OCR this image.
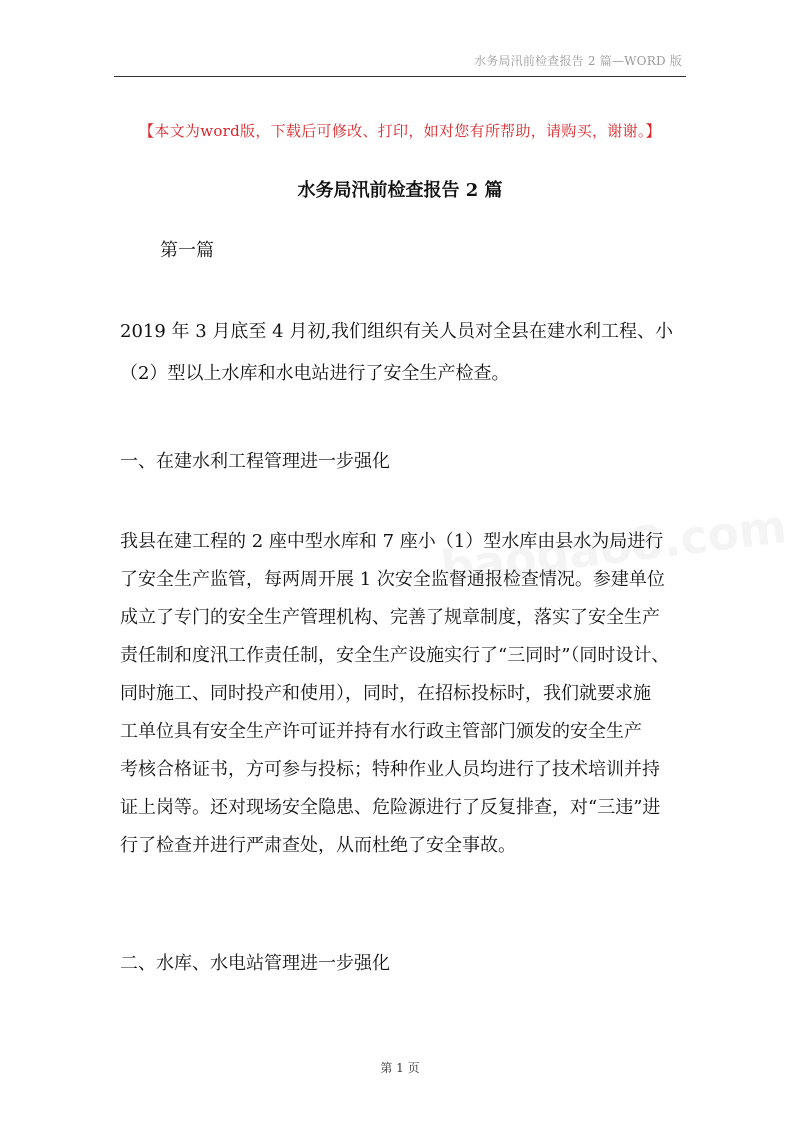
水务局汛前检查报告 2 篇—WORD 版
【本文为word版，下载后可修改、打印，如对您有所帮助，请购买，谢谢。】
水务局汛前检查报告 2 篇
第一篇
2019 年 3 月底至 4 月初,我们组织有关人员对全县在建水利工程、小
（2）型以上水库和水电站进行了安全生产检查。
一、在建水利工程管理进一步强化
我县在建工程的 2 座中型水库和 7 座小（1）型水库由县水为局进行
了安全生产监管，每两周开展 1 次安全监督通报检查情况。参建单位
成立了专门的安全生产管理机构、完善了规章制度，落实了安全生产
责任制和度汛工作责任制，安全生产设施实行了“三同时”（同时设计、
同时施工、同时投产和使用），同时，在招标投标时，我们就要求施
工单位具有安全生产许可证并持有水行政主管部门颁发的安全生产
考核合格证书，方可参与投标；特种作业人员均进行了技术培训并持
证上岗等。还对现场安全隐患、危险源进行了反复排查，对“三违”进
行了检查并进行严肃查处，从而杜绝了安全事故。
二、水库、水电站管理进一步强化
第 1 页
